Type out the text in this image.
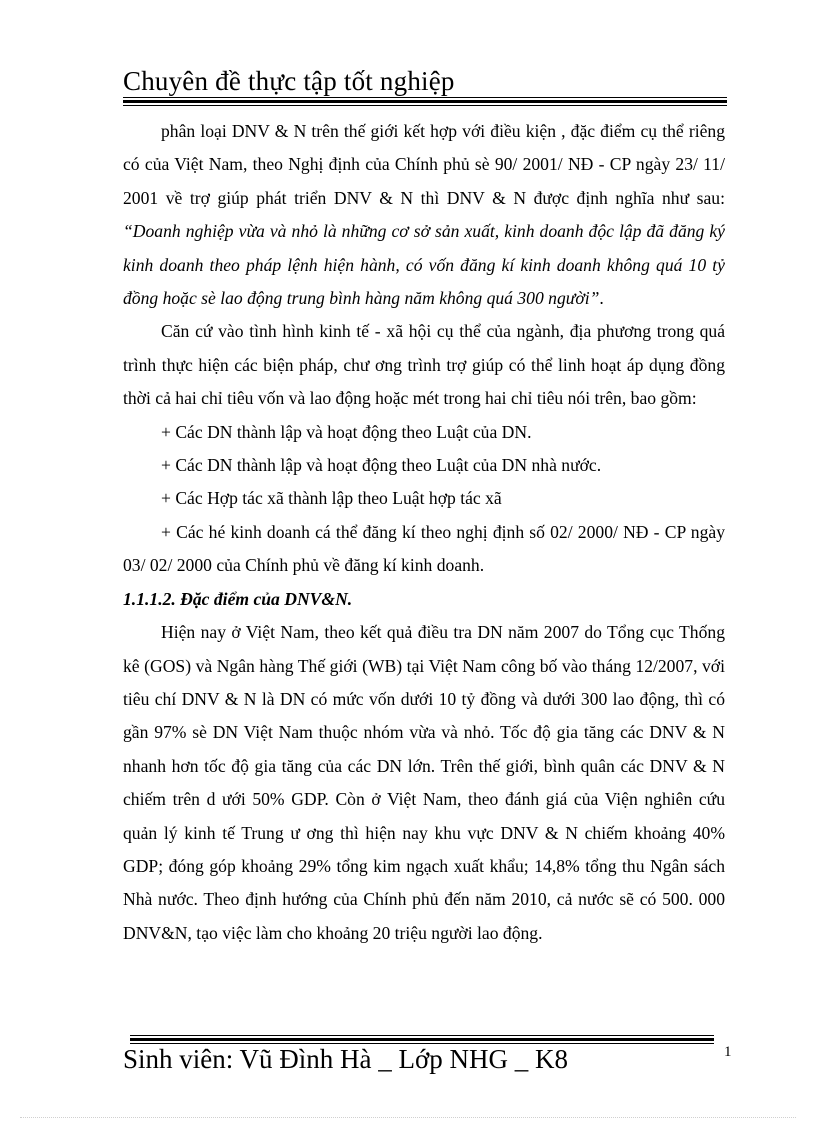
Chuyên đề thực tập tốt nghiệp

phân loại DNV & N trên thế giới kết hợp với điều kiện , đặc điểm cụ thể riêng có của Việt Nam, theo Nghị định của Chính phủ sè 90/ 2001/ NĐ - CP ngày 23/ 11/ 2001 về trợ giúp phát triển DNV & N thì DNV & N được định nghĩa như sau: “Doanh nghiệp vừa và nhỏ là những cơ sở sản xuất, kinh doanh độc lập đã đăng ký kinh doanh theo pháp lệnh hiện hành, có vốn đăng kí kinh doanh không quá 10 tỷ đồng hoặc sè lao động trung bình hàng năm không quá 300 người”.

Căn cứ vào tình hình kinh tế - xã hội cụ thể của ngành, địa phương trong quá trình thực hiện các biện pháp, chư ơng trình trợ giúp có thể linh hoạt áp dụng đồng thời cả hai chỉ tiêu vốn và lao động hoặc mét trong hai chỉ tiêu nói trên, bao gồm:

+ Các DN thành lập và hoạt động theo Luật của DN.

+ Các DN thành lập và hoạt động theo Luật của DN nhà nước.

+ Các Hợp tác xã thành lập theo Luật hợp tác xã

+ Các hé kinh doanh cá thể đăng kí theo nghị định số 02/ 2000/ NĐ - CP ngày 03/ 02/ 2000 của Chính phủ về đăng kí kinh doanh.

1.1.1.2. Đặc điểm của DNV&N.

Hiện nay ở Việt Nam, theo kết quả điều tra DN năm 2007 do Tổng cục Thống kê (GOS) và Ngân hàng Thế giới (WB) tại Việt Nam công bố vào tháng 12/2007, với tiêu chí DNV & N là DN có mức vốn dưới 10 tỷ đồng và dưới 300 lao động, thì có gần 97% sè DN Việt Nam thuộc nhóm vừa và nhỏ. Tốc độ gia tăng các DNV & N nhanh hơn tốc độ gia tăng của các DN lớn. Trên thế giới, bình quân các DNV & N chiếm trên d ưới 50% GDP. Còn ở Việt Nam, theo đánh giá của Viện nghiên cứu quản lý kinh tế Trung ư ơng thì hiện nay khu vực DNV & N chiếm khoảng 40% GDP; đóng góp khoảng 29% tổng kim ngạch xuất khẩu; 14,8% tổng thu Ngân sách Nhà nước. Theo định hướng của Chính phủ đến năm 2010, cả nước sẽ có 500. 000 DNV&N, tạo việc làm cho khoảng 20 triệu người lao động.

Sinh viên: Vũ Đình Hà _ Lớp NHG _ K8	1
